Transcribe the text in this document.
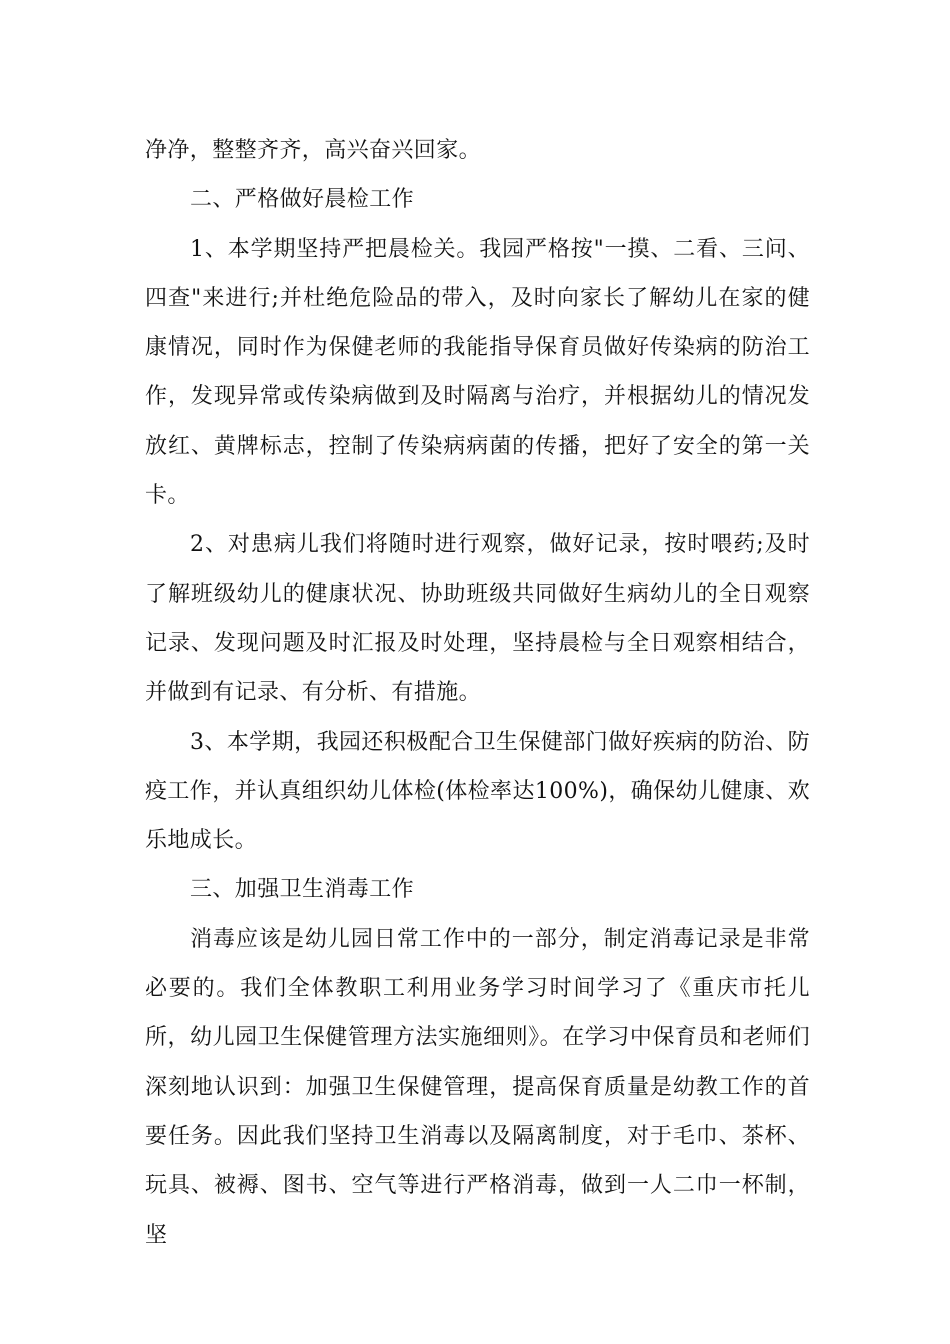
净净，整整齐齐，高兴奋兴回家。

二、严格做好晨检工作

1、本学期坚持严把晨检关。我园严格按"一摸、二看、三问、四查"来进行;并杜绝危险品的带入，及时向家长了解幼儿在家的健康情况，同时作为保健老师的我能指导保育员做好传染病的防治工作，发现异常或传染病做到及时隔离与治疗，并根据幼儿的情况发放红、黄牌标志，控制了传染病病菌的传播，把好了安全的第一关卡。

2、对患病儿我们将随时进行观察，做好记录，按时喂药;及时了解班级幼儿的健康状况、协助班级共同做好生病幼儿的全日观察记录、发现问题及时汇报及时处理，坚持晨检与全日观察相结合，并做到有记录、有分析、有措施。

3、本学期，我园还积极配合卫生保健部门做好疾病的防治、防疫工作，并认真组织幼儿体检(体检率达100%)，确保幼儿健康、欢乐地成长。

三、加强卫生消毒工作

消毒应该是幼儿园日常工作中的一部分，制定消毒记录是非常必要的。我们全体教职工利用业务学习时间学习了《重庆市托儿所，幼儿园卫生保健管理方法实施细则》。在学习中保育员和老师们深刻地认识到：加强卫生保健管理，提高保育质量是幼教工作的首要任务。因此我们坚持卫生消毒以及隔离制度，对于毛巾、茶杯、玩具、被褥、图书、空气等进行严格消毒，做到一人二巾一杯制，坚
